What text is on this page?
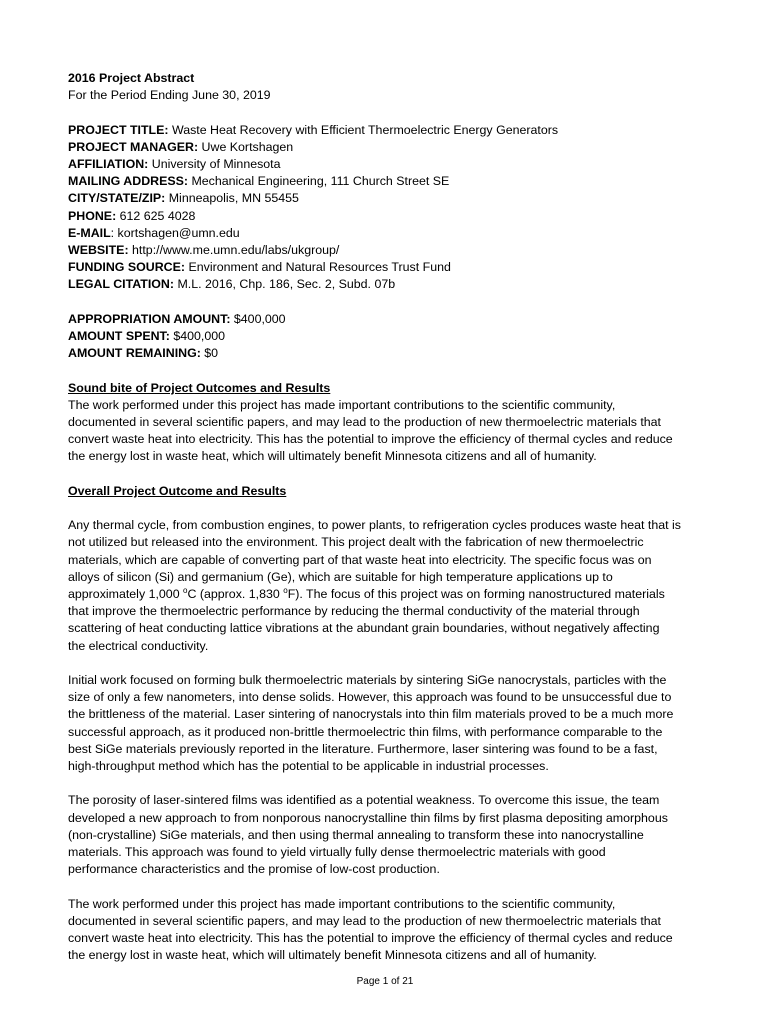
2016 Project Abstract
For the Period Ending June 30, 2019
PROJECT TITLE: Waste Heat Recovery with Efficient Thermoelectric Energy Generators
PROJECT MANAGER: Uwe Kortshagen
AFFILIATION: University of Minnesota
MAILING ADDRESS: Mechanical Engineering, 111 Church Street SE
CITY/STATE/ZIP: Minneapolis, MN 55455
PHONE: 612 625 4028
E-MAIL: kortshagen@umn.edu
WEBSITE: http://www.me.umn.edu/labs/ukgroup/
FUNDING SOURCE: Environment and Natural Resources Trust Fund
LEGAL CITATION: M.L. 2016, Chp. 186, Sec. 2, Subd. 07b
APPROPRIATION AMOUNT: $400,000
AMOUNT SPENT: $400,000
AMOUNT REMAINING: $0
Sound bite of Project Outcomes and Results
The work performed under this project has made important contributions to the scientific community,
documented in several scientific papers, and may lead to the production of new thermoelectric materials that
convert waste heat into electricity. This has the potential to improve the efficiency of thermal cycles and reduce
the energy lost in waste heat, which will ultimately benefit Minnesota citizens and all of humanity.
Overall Project Outcome and Results
Any thermal cycle, from combustion engines, to power plants, to refrigeration cycles produces waste heat that is
not utilized but released into the environment. This project dealt with the fabrication of new thermoelectric
materials, which are capable of converting part of that waste heat into electricity. The specific focus was on
alloys of silicon (Si) and germanium (Ge), which are suitable for high temperature applications up to
approximately 1,000 $^o$C (approx. 1,830 $^o$F). The focus of this project was on forming nanostructured materials
that improve the thermoelectric performance by reducing the thermal conductivity of the material through
scattering of heat conducting lattice vibrations at the abundant grain boundaries, without negatively affecting
the electrical conductivity.
Initial work focused on forming bulk thermoelectric materials by sintering SiGe nanocrystals, particles with the
size of only a few nanometers, into dense solids. However, this approach was found to be unsuccessful due to
the brittleness of the material. Laser sintering of nanocrystals into thin film materials proved to be a much more
successful approach, as it produced non-brittle thermoelectric thin films, with performance comparable to the
best SiGe materials previously reported in the literature. Furthermore, laser sintering was found to be a fast,
high-throughput method which has the potential to be applicable in industrial processes.
The porosity of laser-sintered films was identified as a potential weakness. To overcome this issue, the team
developed a new approach to from nonporous nanocrystalline thin films by first plasma depositing amorphous
(non-crystalline) SiGe materials, and then using thermal annealing to transform these into nanocrystalline
materials. This approach was found to yield virtually fully dense thermoelectric materials with good
performance characteristics and the promise of low-cost production.
The work performed under this project has made important contributions to the scientific community,
documented in several scientific papers, and may lead to the production of new thermoelectric materials that
convert waste heat into electricity. This has the potential to improve the efficiency of thermal cycles and reduce
the energy lost in waste heat, which will ultimately benefit Minnesota citizens and all of humanity.
Page 1 of 21
